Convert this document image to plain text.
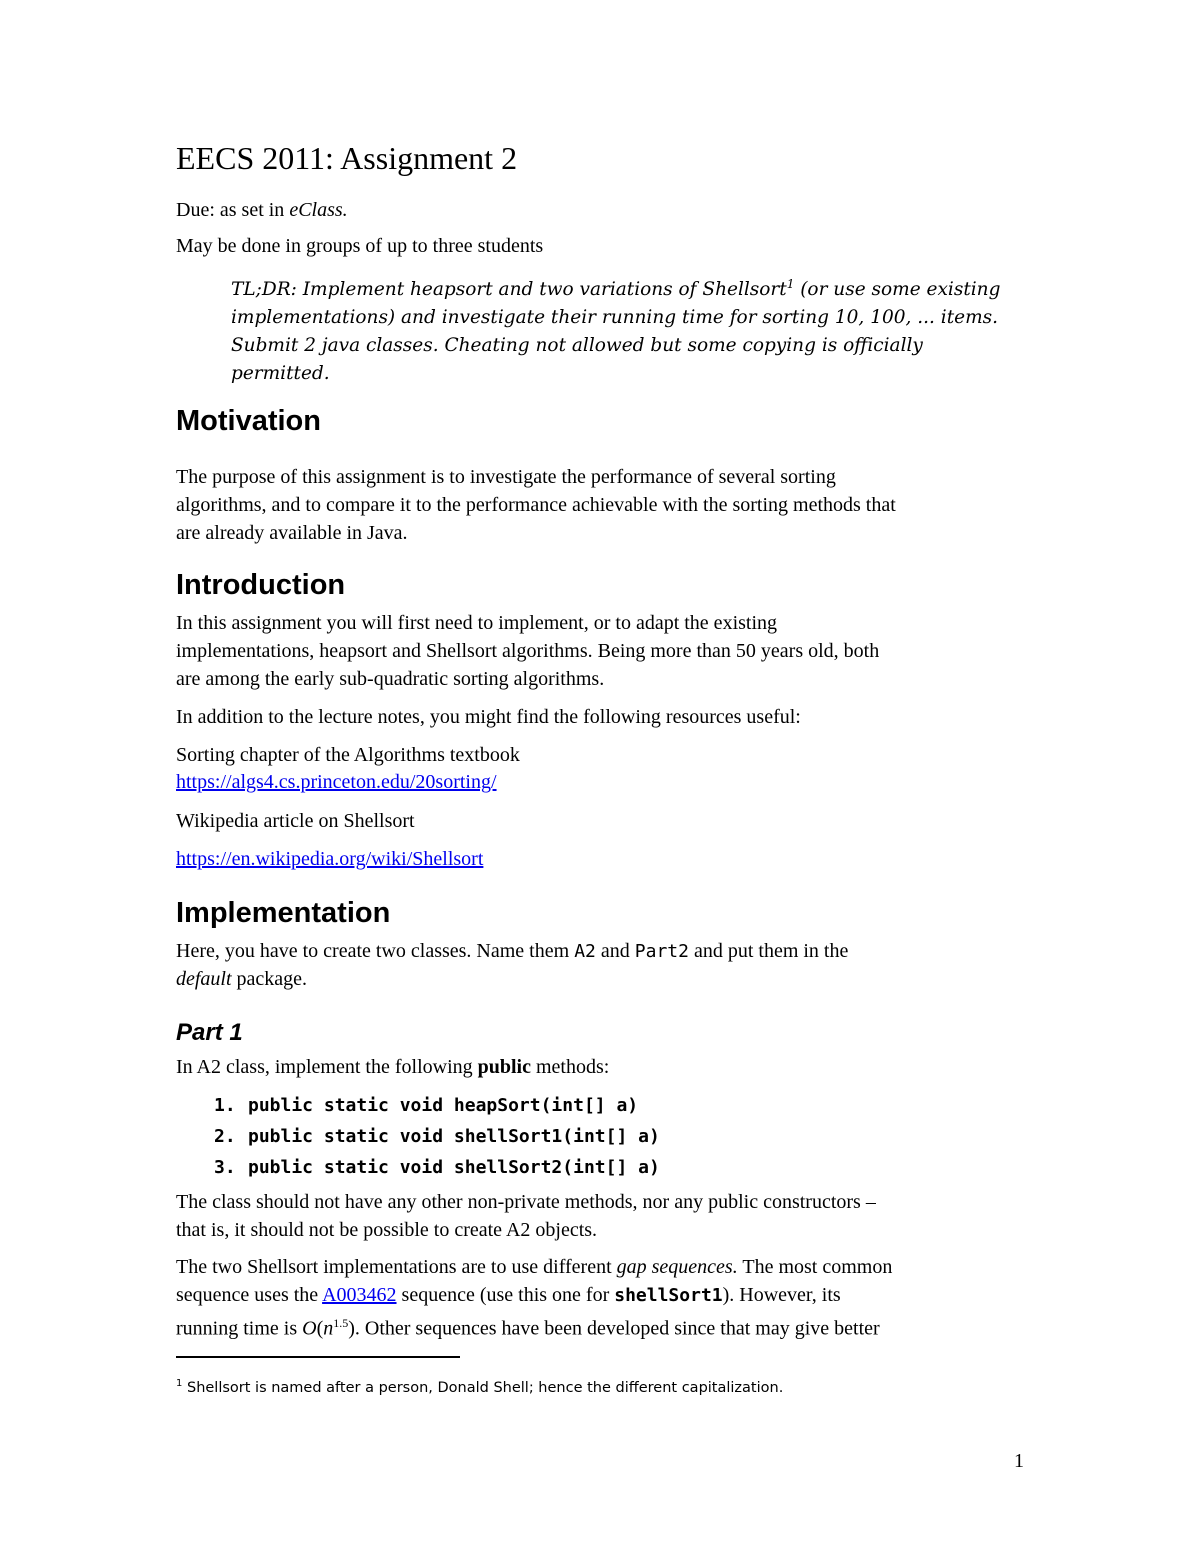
EECS 2011: Assignment 2
Due: as set in eClass.
May be done in groups of up to three students
TL;DR: Implement heapsort and two variations of Shellsort$^1$ (or use some existing
implementations) and investigate their running time for sorting 10, 100, ... items.
Submit 2 java classes. Cheating not allowed but some copying is officially
permitted.
Motivation
The purpose of this assignment is to investigate the performance of several sorting
algorithms, and to compare it to the performance achievable with the sorting methods that
are already available in Java.
Introduction
In this assignment you will first need to implement, or to adapt the existing
implementations, heapsort and Shellsort algorithms. Being more than 50 years old, both
are among the early sub-quadratic sorting algorithms.
In addition to the lecture notes, you might find the following resources useful:
Sorting chapter of the Algorithms textbook
https://algs4.cs.princeton.edu/20sorting/
Wikipedia article on Shellsort
https://en.wikipedia.org/wiki/Shellsort
Implementation
Here, you have to create two classes. Name them A2 and Part2 and put them in the
default package.
Part 1
In A2 class, implement the following public methods:
1. public static void heapSort(int[] a)
2. public static void shellSort1(int[] a)
3. public static void shellSort2(int[] a)
The class should not have any other non-private methods, nor any public constructors –
that is, it should not be possible to create A2 objects.
The two Shellsort implementations are to use different gap sequences. The most common
sequence uses the A003462 sequence (use this one for shellSort1). However, its
running time is $O(n^{1.5})$. Other sequences have been developed since that may give better
$^1$ Shellsort is named after a person, Donald Shell; hence the different capitalization.
1
